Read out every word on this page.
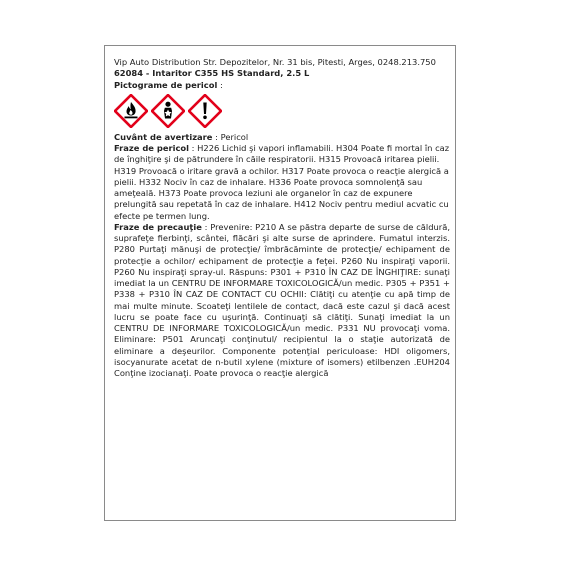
Vip Auto Distribution Str. Depozitelor, Nr. 31 bis, Pitesti, Arges, 0248.213.750

62084 - Intaritor C355 HS Standard, 2.5 L

Pictograme de pericol :

Cuvânt de avertizare : Pericol

Fraze de pericol : H226 Lichid şi vapori inflamabili. H304 Poate fi mortal în caz de înghiţire şi de pătrundere în căile respiratorii. H315 Provoacă iritarea pielii. H319 Provoacă o iritare gravă a ochilor. H317 Poate provoca o reacţie alergică a pielii. H332 Nociv în caz de inhalare. H336 Poate provoca somnolenţă sau ameţeală. H373 Poate provoca leziuni ale organelor în caz de expunere prelungită sau repetată în caz de inhalare. H412 Nociv pentru mediul acvatic cu efecte pe termen lung.

Fraze de precauţie : Prevenire: P210 A se păstra departe de surse de căldură, suprafeţe fierbinţi, scântei, flăcări şi alte surse de aprindere. Fumatul interzis. P280 Purtaţi mănuşi de protecţie/ îmbrăcăminte de protecţie/ echipament de protecţie a ochilor/ echipament de protecţie a feţei. P260 Nu inspiraţi vaporii. P260 Nu inspiraţi spray-ul. Răspuns: P301 + P310 ÎN CAZ DE ÎNGHIŢIRE: sunaţi imediat la un CENTRU DE INFORMARE TOXICOLOGICĂ/un medic. P305 + P351 + P338 + P310 ÎN CAZ DE CONTACT CU OCHII: Clătiţi cu atenţie cu apă timp de mai multe minute. Scoateţi lentilele de contact, dacă este cazul şi dacă acest lucru se poate face cu uşurinţă. Continuaţi să clătiţi. Sunaţi imediat la un CENTRU DE INFORMARE TOXICOLOGICĂ/un medic. P331 NU provocaţi voma. Eliminare: P501 Aruncaţi conţinutul/ recipientul la o staţie autorizată de eliminare a deşeurilor. Componente potenţial periculoase: HDI oligomers, isocyanurate acetat de n-butil xylene (mixture of isomers) etilbenzen .EUH204 Conţine izocianaţi. Poate provoca o reacţie alergică
